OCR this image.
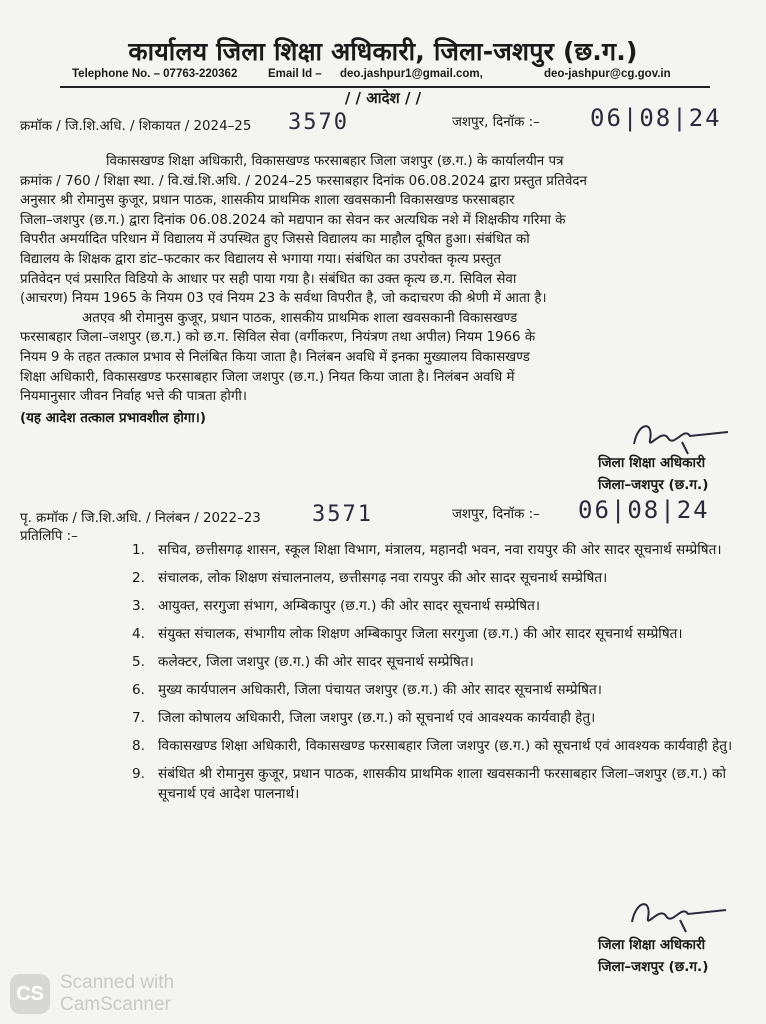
कार्यालय जिला शिक्षा अधिकारी, जिला-जशपुर (छ.ग.)
Telephone No. – 07763-220362	Email Id – deo.jashpur1@gmail.com,	deo-jashpur@cg.gov.in
/ / आदेश / /
क्रमॉक / जि.शि.अधि. / शिकायत / 2024–25 3570	जशपुर, दिनॉक :– 06|08|24

विकासखण्ड शिक्षा अधिकारी, विकासखण्ड फरसाबहार जिला जशपुर (छ.ग.) के कार्यालयीन पत्र

क्रमांक / 760 / शिक्षा स्था. / वि.खं.शि.अधि. / 2024–25 फरसाबहार दिनांक 06.08.2024 द्वारा प्रस्तुत प्रतिवेदन

अनुसार श्री रोमानुस कुजूर, प्रधान पाठक, शासकीय प्राथमिक शाला खवसकानी विकासखण्ड फरसाबहार

जिला–जशपुर (छ.ग.) द्वारा दिनांक 06.08.2024 को मद्यपान का सेवन कर अत्यधिक नशे में शिक्षकीय गरिमा के

विपरीत अमर्यादित परिधान में विद्यालय में उपस्थित हुए जिससे विद्यालय का माहौल दूषित हुआ। संबंधित को

विद्यालय के शिक्षक द्वारा डांट–फटकार कर विद्यालय से भगाया गया। संबंधित का उपरोक्त कृत्य प्रस्तुत

प्रतिवेदन एवं प्रसारित विडियो के आधार पर सही पाया गया है। संबंधित का उक्त कृत्य छ.ग. सिविल सेवा

(आचरण) नियम 1965 के नियम 03 एवं नियम 23 के सर्वथा विपरीत है, जो कदाचरण की श्रेणी में आता है।

अतएव श्री रोमानुस कुजूर, प्रधान पाठक, शासकीय प्राथमिक शाला खवसकानी विकासखण्ड

फरसाबहार जिला–जशपुर (छ.ग.) को छ.ग. सिविल सेवा (वर्गीकरण, नियंत्रण तथा अपील) नियम 1966 के

नियम 9 के तहत तत्काल प्रभाव से निलंबित किया जाता है। निलंबन अवधि में इनका मुख्यालय विकासखण्ड

शिक्षा अधिकारी, विकासखण्ड फरसाबहार जिला जशपुर (छ.ग.) नियत किया जाता है। निलंबन अवधि में

नियमानुसार जीवन निर्वाह भत्ते की पात्रता होगी।

(यह आदेश तत्काल प्रभावशील होगा।)

जिला शिक्षा अधिकारी
जिला–जशपुर (छ.ग.)
पृ. क्रमॉक / जि.शि.अधि. / निलंबन / 2022–23 3571	जशपुर, दिनॉक :– 06|08|24
प्रतिलिपि :–
1. सचिव, छत्तीसगढ़ शासन, स्कूल शिक्षा विभाग, मंत्रालय, महानदी भवन, नवा रायपुर की ओर सादर सूचनार्थ सम्प्रेषित।
2. संचालक, लोक शिक्षण संचालनालय, छत्तीसगढ़ नवा रायपुर की ओर सादर सूचनार्थ सम्प्रेषित।
3. आयुक्त, सरगुजा संभाग, अम्बिकापुर (छ.ग.) की ओर सादर सूचनार्थ सम्प्रेषित।
4. संयुक्त संचालक, संभागीय लोक शिक्षण अम्बिकापुर जिला सरगुजा (छ.ग.) की ओर सादर सूचनार्थ सम्प्रेषित।
5. कलेक्टर, जिला जशपुर (छ.ग.) की ओर सादर सूचनार्थ सम्प्रेषित।
6. मुख्य कार्यपालन अधिकारी, जिला पंचायत जशपुर (छ.ग.) की ओर सादर सूचनार्थ सम्प्रेषित।
7. जिला कोषालय अधिकारी, जिला जशपुर (छ.ग.) को सूचनार्थ एवं आवश्यक कार्यवाही हेतु।
8. विकासखण्ड शिक्षा अधिकारी, विकासखण्ड फरसाबहार जिला जशपुर (छ.ग.) को सूचनार्थ एवं आवश्यक कार्यवाही हेतु।
9. संबंधित श्री रोमानुस कुजूर, प्रधान पाठक, शासकीय प्राथमिक शाला खवसकानी फरसाबहार जिला–जशपुर (छ.ग.) को सूचनार्थ एवं आदेश पालनार्थ।
जिला शिक्षा अधिकारी
जिला–जशपुर (छ.ग.)
CS
Scanned with
CamScanner
